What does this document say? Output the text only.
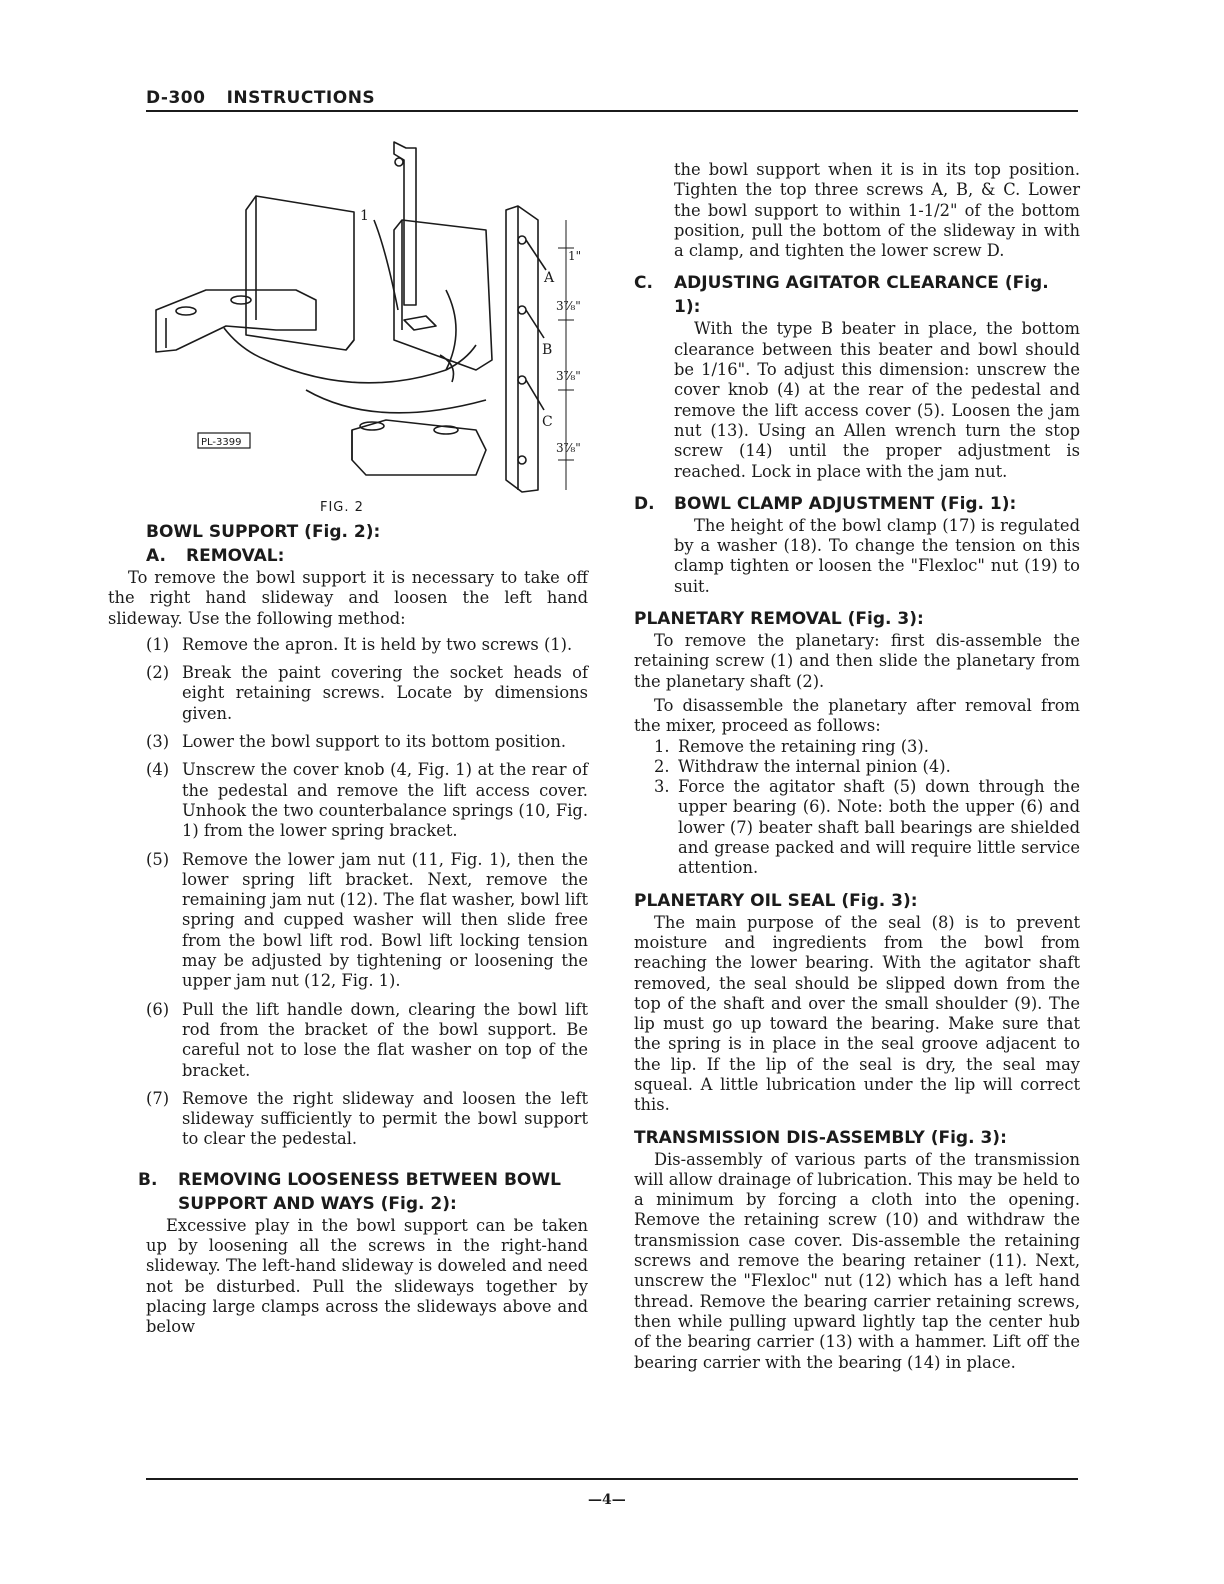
D-300 INSTRUCTIONS
PL-3399
1
A
B
C
1"
3⅞"
3⅞"
3⅞"
FIG. 2
BOWL SUPPORT (Fig. 2):
A. REMOVAL:

To remove the bowl support it is necessary to take off the right hand slideway and loosen the left hand slideway. Use the following method:

(1) Remove the apron. It is held by two screws (1).
(2) Break the paint covering the socket heads of eight retaining screws. Locate by dimensions given.
(3) Lower the bowl support to its bottom position.
(4) Unscrew the cover knob (4, Fig. 1) at the rear of the pedestal and remove the lift access cover. Unhook the two counterbalance springs (10, Fig. 1) from the lower spring bracket.
(5) Remove the lower jam nut (11, Fig. 1), then the lower spring lift bracket. Next, remove the remaining jam nut (12). The flat washer, bowl lift spring and cupped washer will then slide free from the bowl lift rod. Bowl lift locking tension may be adjusted by tightening or loosening the upper jam nut (12, Fig. 1).
(6) Pull the lift handle down, clearing the bowl lift rod from the bracket of the bowl support. Be careful not to lose the flat washer on top of the bracket.
(7) Remove the right slideway and loosen the left slideway sufficiently to permit the bowl support to clear the pedestal.
B. REMOVING LOOSENESS BETWEEN BOWL SUPPORT AND WAYS (Fig. 2):

Excessive play in the bowl support can be taken up by loosening all the screws in the right-hand slideway. The left-hand slideway is doweled and need not be disturbed. Pull the slideways together by placing large clamps across the slideways above and below

the bowl support when it is in its top position. Tighten the top three screws A, B, & C. Lower the bowl support to within 1-1/2" of the bottom position, pull the bottom of the slideway in with a clamp, and tighten the lower screw D.

C. ADJUSTING AGITATOR CLEARANCE (Fig. 1):

With the type B beater in place, the bottom clearance between this beater and bowl should be 1/16". To adjust this dimension: unscrew the cover knob (4) at the rear of the pedestal and remove the lift access cover (5). Loosen the jam nut (13). Using an Allen wrench turn the stop screw (14) until the proper adjustment is reached. Lock in place with the jam nut.

D. BOWL CLAMP ADJUSTMENT (Fig. 1):

The height of the bowl clamp (17) is regulated by a washer (18). To change the tension on this clamp tighten or loosen the "Flexloc" nut (19) to suit.

PLANETARY REMOVAL (Fig. 3):

To remove the planetary: first dis-assemble the retaining screw (1) and then slide the planetary from the planetary shaft (2).

To disassemble the planetary after removal from the mixer, proceed as follows:

1. Remove the retaining ring (3).
2. Withdraw the internal pinion (4).
3. Force the agitator shaft (5) down through the upper bearing (6). Note: both the upper (6) and lower (7) beater shaft ball bearings are shielded and grease packed and will require little service attention.
PLANETARY OIL SEAL (Fig. 3):

The main purpose of the seal (8) is to prevent moisture and ingredients from the bowl from reaching the lower bearing. With the agitator shaft removed, the seal should be slipped down from the top of the shaft and over the small shoulder (9). The lip must go up toward the bearing. Make sure that the spring is in place in the seal groove adjacent to the lip. If the lip of the seal is dry, the seal may squeal. A little lubrication under the lip will correct this.

TRANSMISSION DIS-ASSEMBLY (Fig. 3):

Dis-assembly of various parts of the transmission will allow drainage of lubrication. This may be held to a minimum by forcing a cloth into the opening. Remove the retaining screw (10) and withdraw the transmission case cover. Dis-assemble the retaining screws and remove the bearing retainer (11). Next, unscrew the "Flexloc" nut (12) which has a left hand thread. Remove the bearing carrier retaining screws, then while pulling upward lightly tap the center hub of the bearing carrier (13) with a hammer. Lift off the bearing carrier with the bearing (14) in place.

—4—
